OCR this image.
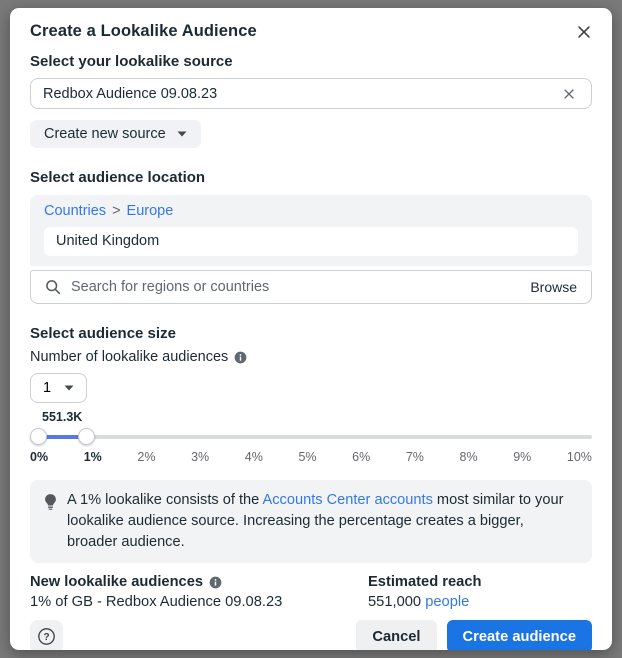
Create a Lookalike Audience
Select your lookalike source
Redbox Audience 09.08.23
Create new source
Select audience location
Countries > Europe
United Kingdom
Search for regions or countries
Browse
Select audience size
Number of lookalike audiences
1
551.3K
0%	1%	2%	3%	4%	5%	6%	7%	8%	9%	10%
A 1% lookalike consists of the Accounts Center accounts most similar to your lookalike audience source. Increasing the percentage creates a bigger, broader audience.
New lookalike audiences
1% of GB - Redbox Audience 09.08.23
Estimated reach
551,000 people
?	Cancel	Create audience
